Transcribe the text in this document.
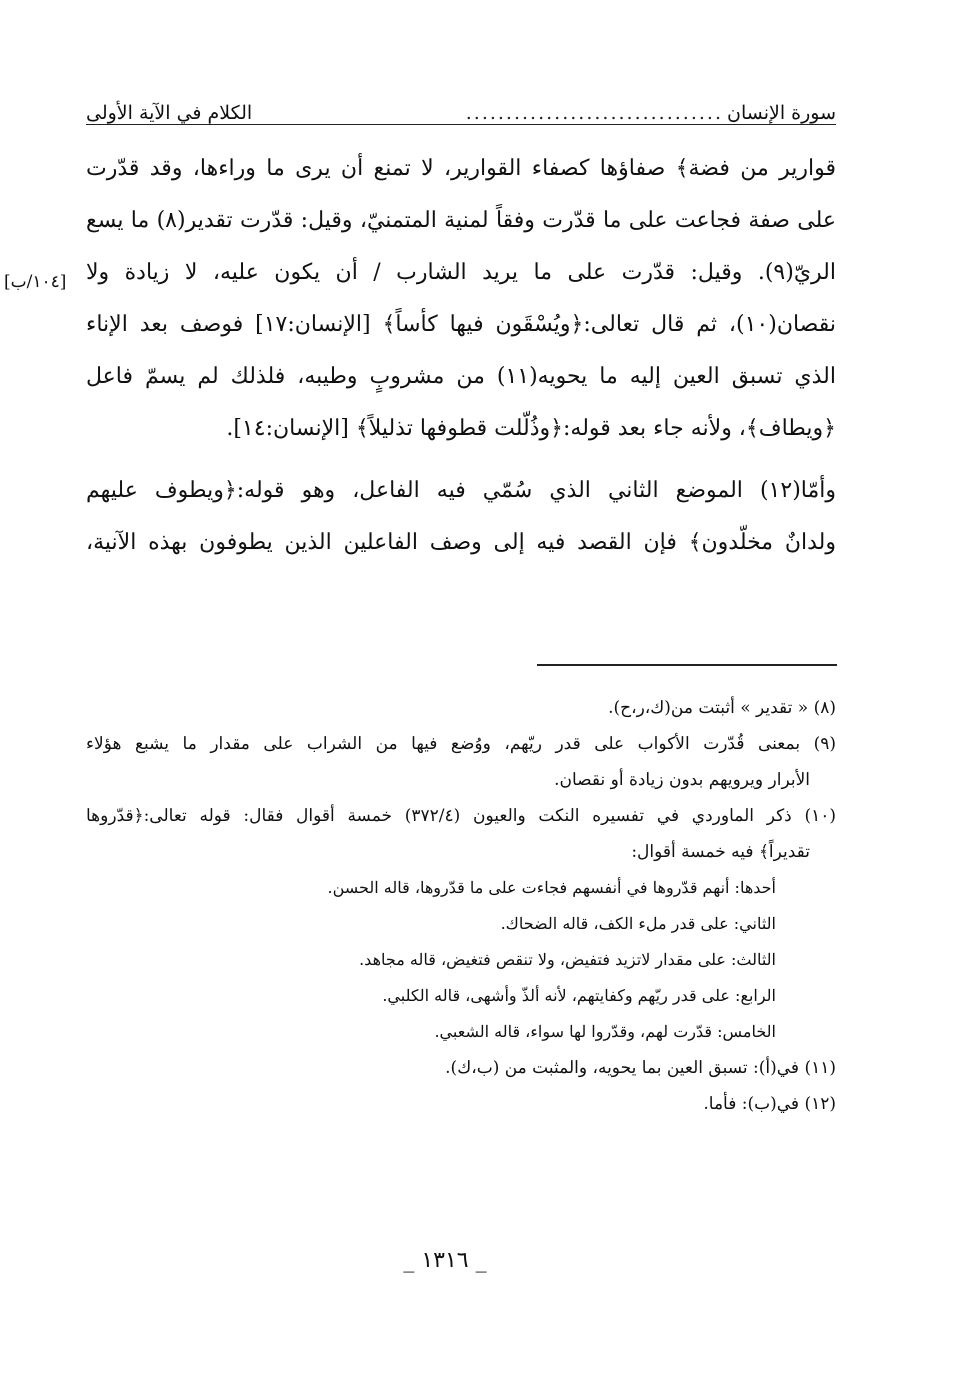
سورة الإنسان
................................
الكلام في الآية الأولى
[١٠٤/ب]
قوارير من فضة﴾ صفاؤها كصفاء القوارير، لا تمنع أن يرى ما وراءها، وقد قدّرت
على صفة فجاعت على ما قدّرت وفقاً لمنية المتمنيّ، وقيل: قدّرت تقدير(٨) ما يسع
الريّ(٩). وقيل: قدّرت على ما يريد الشارب / أن يكون عليه، لا زيادة ولا
نقصان(١٠)، ثم قال تعالى:﴿ويُسْقَون فيها كأساً﴾ [الإنسان:١٧] فوصف بعد الإناء
الذي تسبق العين إليه ما يحويه(١١) من مشروبٍ وطيبه، فلذلك لم يسمّ فاعل
﴿ويطاف﴾، ولأنه جاء بعد قوله:﴿وذُلّلت قطوفها تذليلاً﴾ [الإنسان:١٤].
وأمّا(١٢) الموضع الثاني الذي سُمّي فيه الفاعل، وهو قوله:﴿ويطوف عليهم
ولدانٌ مخلّدون﴾ فإن القصد فيه إلى وصف الفاعلين الذين يطوفون بهذه الآنية،
(٨) « تقدير » أثبتت من(ك،ر،ح).
(٩) بمعنى قُدّرت الأكواب على قدر ريّهم، ووُضع فيها من الشراب على مقدار ما يشبع هؤلاء
الأبرار ويرويهم بدون زيادة أو نقصان.
(١٠) ذكر الماوردي في تفسيره النكت والعيون (٣٧٢/٤) خمسة أقوال فقال: قوله تعالى:﴿قدّروها
تقديراً﴾ فيه خمسة أقوال:
أحدها: أنهم قدّروها في أنفسهم فجاءت على ما قدّروها، قاله الحسن.
الثاني: على قدر ملء الكف، قاله الضحاك.
الثالث: على مقدار لاتزيد فتفيض، ولا تنقص فتغيض، قاله مجاهد.
الرابع: على قدر ريّهم وكفايتهم، لأنه ألذّ وأشهى، قاله الكلبي.
الخامس: قدّرت لهم، وقدّروا لها سواء، قاله الشعبي.
(١١) في(أ): تسبق العين بما يحويه، والمثبت من (ب،ك).
(١٢) في(ب): فأما.
_ ١٣١٦ _
